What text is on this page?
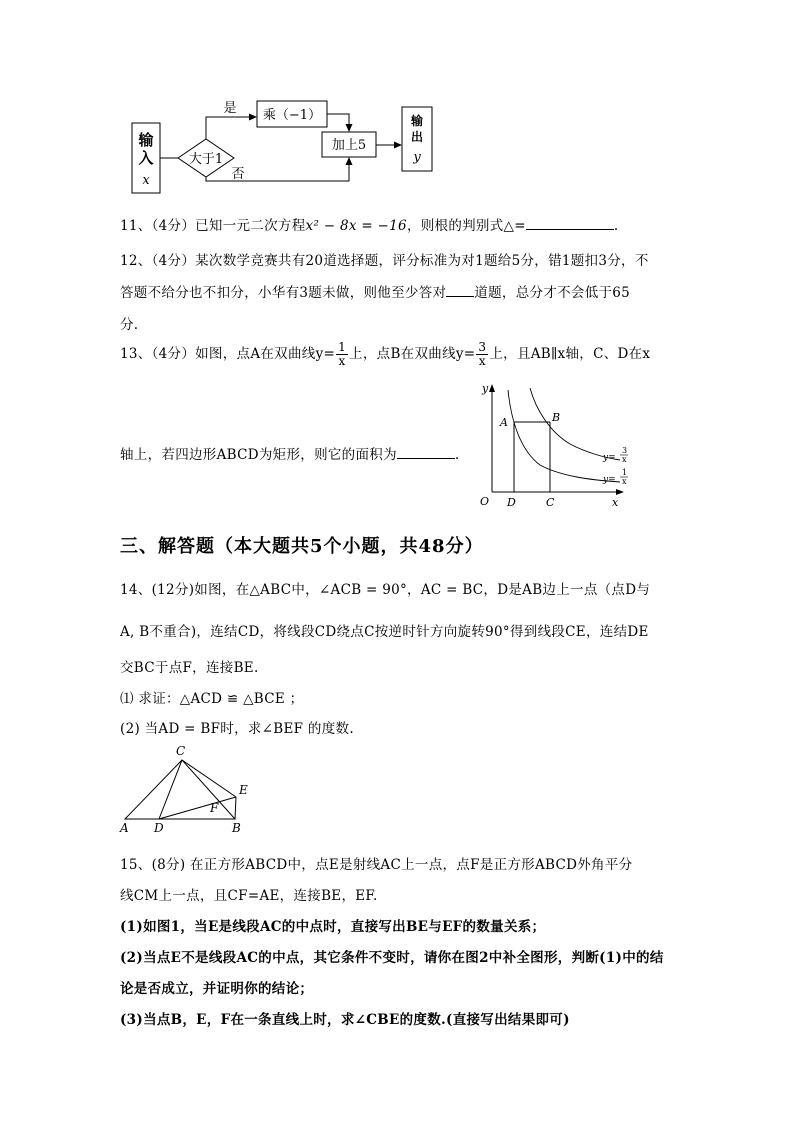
输
入
x
大于1
是 乘（−1）
否
加上5
输
出
y
11、（4分）已知一元二次方程x² − 8x = −16，则根的判别式△=	.
12、（4分）某次数学竞赛共有20道选择题，评分标准为对1题给5分，错1题扣3分，不
答题不给分也不扣分，小华有3题未做，则他至少答对 道题，总分才不会低于65
分.
13、（4分）如图，点A在双曲线$y= \frac{1}{x}$ 上，点B在双曲线$y= \frac{3}{x}$ 上，且AB∥x轴，C、D在x
轴上，若四边形ABCD为矩形，则它的面积为	.
y
x
O
A	B
D	C
y=
3
x
y=
1
x
三、解答题（本大题共5个小题，共48分）
14、(12分)如图，在△ABC中，∠ACB = 90°，AC = BC，D是AB边上一点（点D与
A, B不重合)，连结CD，将线段CD绕点C按逆时针方向旋转90°得到线段CE，连结DE
交BC于点F，连接BE.
⑴ 求证：△ACD ≌ △BCE ；
(2) 当AD = BF时，求∠BEF 的度数.
C
A D	B
E
F
15、(8分) 在正方形ABCD中，点E是射线AC上一点，点F是正方形ABCD外角平分
线CM上一点，且CF=AE，连接BE，EF.
(1)如图1，当E是线段AC的中点时，直接写出BE与EF的数量关系；
(2)当点E不是线段AC的中点，其它条件不变时，请你在图2中补全图形，判断(1)中的结
论是否成立，并证明你的结论；
(3)当点B，E，F在一条直线上时，求∠CBE的度数.(直接写出结果即可)
